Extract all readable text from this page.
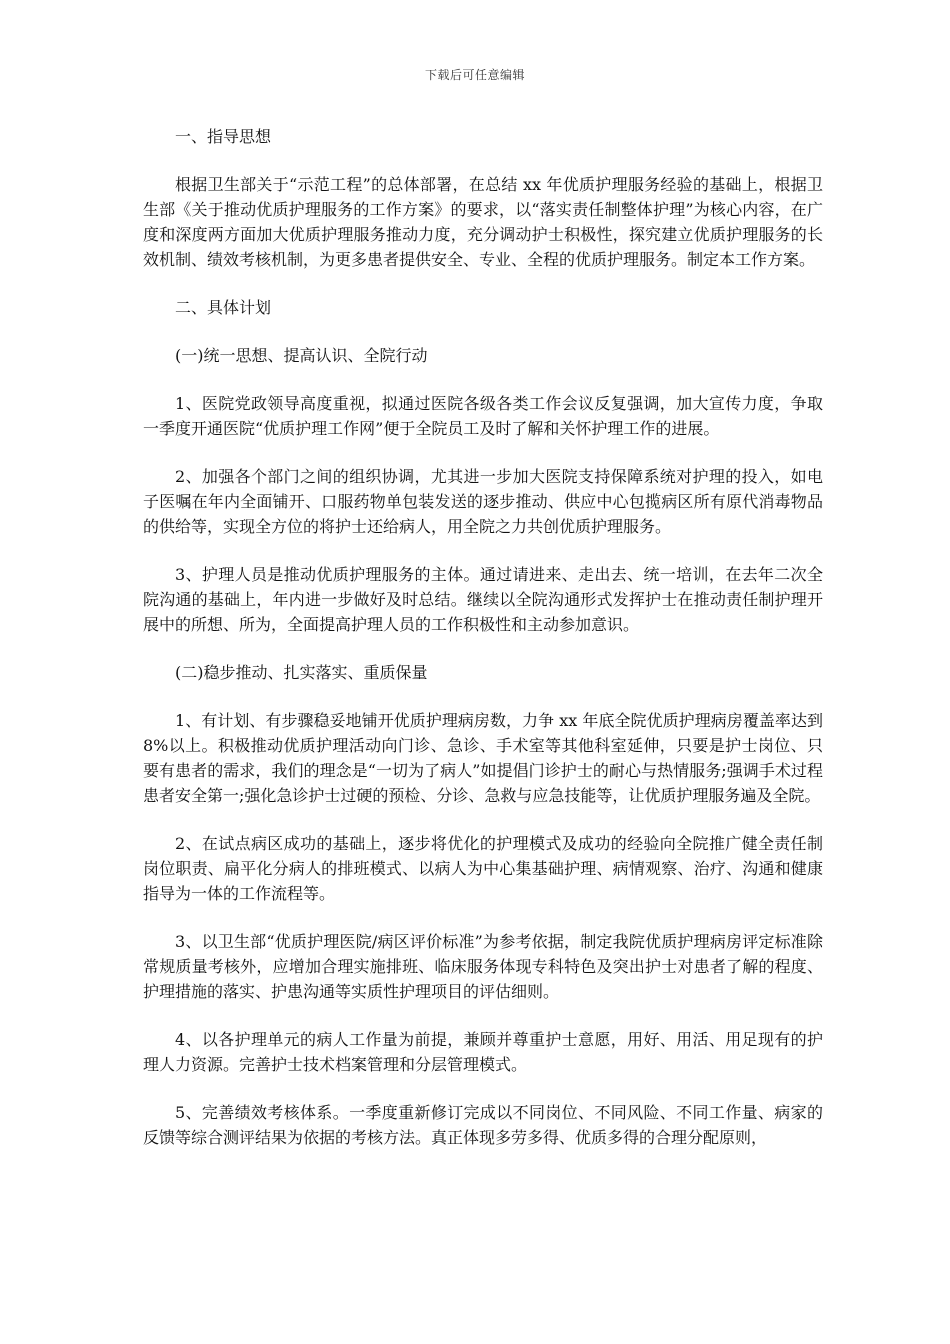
下载后可任意编辑

一、指导思想

根据卫生部关于“示范工程”的总体部署，在总结 xx 年优质护理服务经验的基础上，根据卫生部《关于推动优质护理服务的工作方案》的要求，以“落实责任制整体护理”为核心内容，在广度和深度两方面加大优质护理服务推动力度，充分调动护士积极性，探究建立优质护理服务的长效机制、绩效考核机制，为更多患者提供安全、专业、全程的优质护理服务。制定本工作方案。

二、具体计划

(一)统一思想、提高认识、全院行动

1、医院党政领导高度重视，拟通过医院各级各类工作会议反复强调，加大宣传力度，争取一季度开通医院“优质护理工作网”便于全院员工及时了解和关怀护理工作的进展。

2、加强各个部门之间的组织协调，尤其进一步加大医院支持保障系统对护理的投入，如电子医嘱在年内全面铺开、口服药物单包装发送的逐步推动、供应中心包揽病区所有原代消毒物品的供给等，实现全方位的将护士还给病人，用全院之力共创优质护理服务。

3、护理人员是推动优质护理服务的主体。通过请进来、走出去、统一培训，在去年二次全院沟通的基础上，年内进一步做好及时总结。继续以全院沟通形式发挥护士在推动责任制护理开展中的所想、所为，全面提高护理人员的工作积极性和主动参加意识。

(二)稳步推动、扎实落实、重质保量

1、有计划、有步骤稳妥地铺开优质护理病房数，力争 xx 年底全院优质护理病房覆盖率达到 8%以上。积极推动优质护理活动向门诊、急诊、手术室等其他科室延伸，只要是护士岗位、只要有患者的需求，我们的理念是“一切为了病人”如提倡门诊护士的耐心与热情服务;强调手术过程患者安全第一;强化急诊护士过硬的预检、分诊、急救与应急技能等，让优质护理服务遍及全院。

2、在试点病区成功的基础上，逐步将优化的护理模式及成功的经验向全院推广健全责任制岗位职责、扁平化分病人的排班模式、以病人为中心集基础护理、病情观察、治疗、沟通和健康指导为一体的工作流程等。

3、以卫生部“优质护理医院/病区评价标准”为参考依据，制定我院优质护理病房评定标准除常规质量考核外，应增加合理实施排班、临床服务体现专科特色及突出护士对患者了解的程度、护理措施的落实、护患沟通等实质性护理项目的评估细则。

4、以各护理单元的病人工作量为前提，兼顾并尊重护士意愿，用好、用活、用足现有的护理人力资源。完善护士技术档案管理和分层管理模式。

5、完善绩效考核体系。一季度重新修订完成以不同岗位、不同风险、不同工作量、病家的反馈等综合测评结果为依据的考核方法。真正体现多劳多得、优质多得的合理分配原则，
